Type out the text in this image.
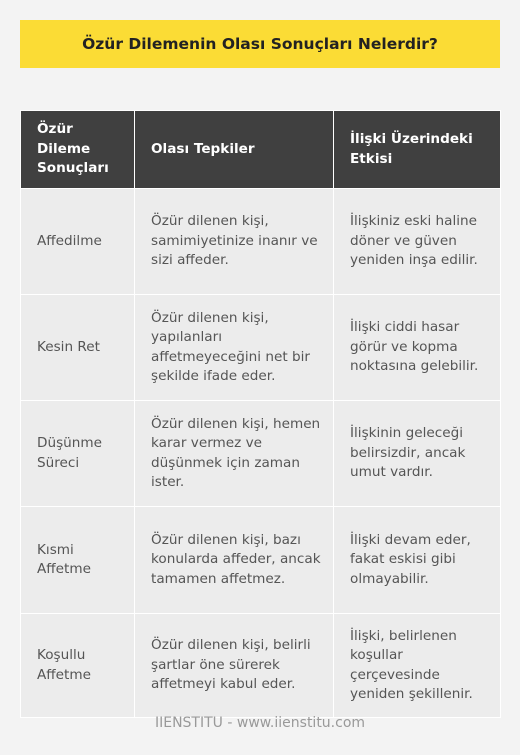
Özür Dilemenin Olası Sonuçları Nelerdir?
Özür Dileme Sonuçları	Olası Tepkiler	İlişki Üzerindeki Etkisi
Affedilme	Özür dilenen kişi, samimiyetinize inanır ve sizi affeder.	İlişkiniz eski haline döner ve güven yeniden inşa edilir.
Kesin Ret	Özür dilenen kişi, yapılanları affetmeyeceğini net bir şekilde ifade eder.	İlişki ciddi hasar görür ve kopma noktasına gelebilir.
Düşünme Süreci	Özür dilenen kişi, hemen karar vermez ve düşünmek için zaman ister.	İlişkinin geleceği belirsizdir, ancak umut vardır.
Kısmi Affetme	Özür dilenen kişi, bazı konularda affeder, ancak tamamen affetmez.	İlişki devam eder, fakat eskisi gibi olmayabilir.
Koşullu Affetme	Özür dilenen kişi, belirli şartlar öne sürerek affetmeyi kabul eder.	İlişki, belirlenen koşullar çerçevesinde yeniden şekillenir.
IIENSTITU - www.iienstitu.com
